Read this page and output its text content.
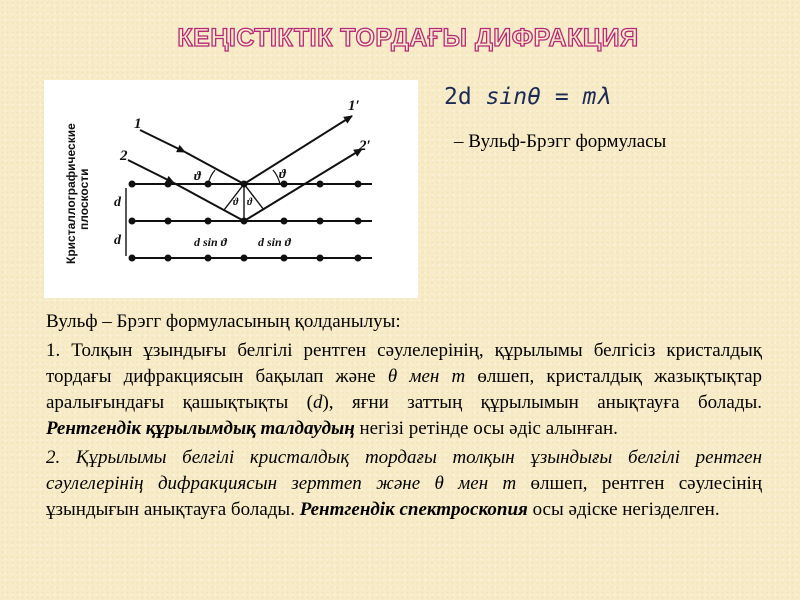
КЕҢІСТІКТІК ТОРДАҒЫ ДИФРАКЦИЯ
Кристаллографические плоскости
1
2
1′
2′
ϑ	ϑ
ϑ ϑ
d
d	d sin ϑ	d sin ϑ
2d sinθ = mλ
– Вульф-Брэгг формуласы

Вульф – Брэгг формуласының қолданылуы:

1. Толқын ұзындығы белгілі рентген сәулелерінің, құрылымы белгісіз кристалдық тордағы дифракциясын бақылап және θ мен m өлшеп, кристалдық жазықтықтар аралығындағы қашықтықты (d), яғни заттың құрылымын анықтауға болады. Рентгендік құрылымдық талдаудың негізі ретінде осы әдіс алынған.

2. Құрылымы белгілі кристалдық тордағы толқын ұзындығы белгілі рентген сәулелерінің дифракциясын зерттеп және θ мен m өлшеп, рентген сәулесінің ұзындығын анықтауға болады. Рентгендік спектроскопия осы әдіске негізделген.
